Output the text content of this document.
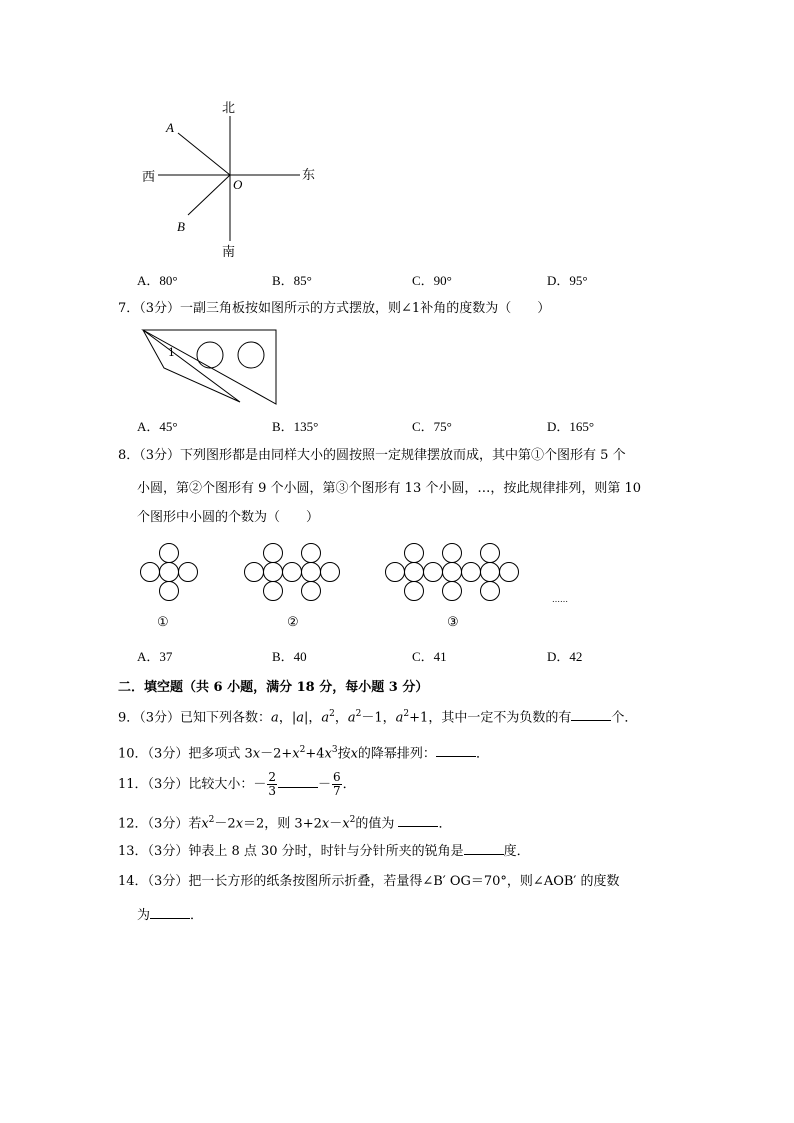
北
南
西	东
A
B
O
A．80°	B．85°	C．90°	D．95°
7．（3分）一副三角板按如图所示的方式摆放，则∠1补角的度数为（　　）
1
A．45°	B．135°	C．75°	D．165°
8．（3分）下列图形都是由同样大小的圆按照一定规律摆放而成，其中第①个图形有 5 个
小圆，第②个图形有 9 个小圆，第③个图形有 13 个小圆，…，按此规律排列，则第 10
个图形中小圆的个数为（　　）
①	②	③
……
A．37	B．40	C．41	D．42
二．填空题（共 6 小题，满分 18 分，每小题 3 分）
9．（3分）已知下列各数：a，|a|，$a^2$，$a^2-1$，$a^2+1$，其中一定不为负数的有	个．
10．（3分）把多项式 $3x-2+x^2+4x^3$按x的降幂排列：	．
11．（3分）比较大小：－ $\frac{2}{3}$	－ $\frac{6}{7}$ ．
12．（3分）若$x^2-2x=2$，则 $3+2x-x^2$的值为	．
13．（3分）钟表上 8 点 30 分时，时针与分针所夹的锐角是	度．
14．（3分）把一长方形的纸条按图所示折叠，若量得∠B′ OG＝70°，则∠AOB′ 的度数
为	．
